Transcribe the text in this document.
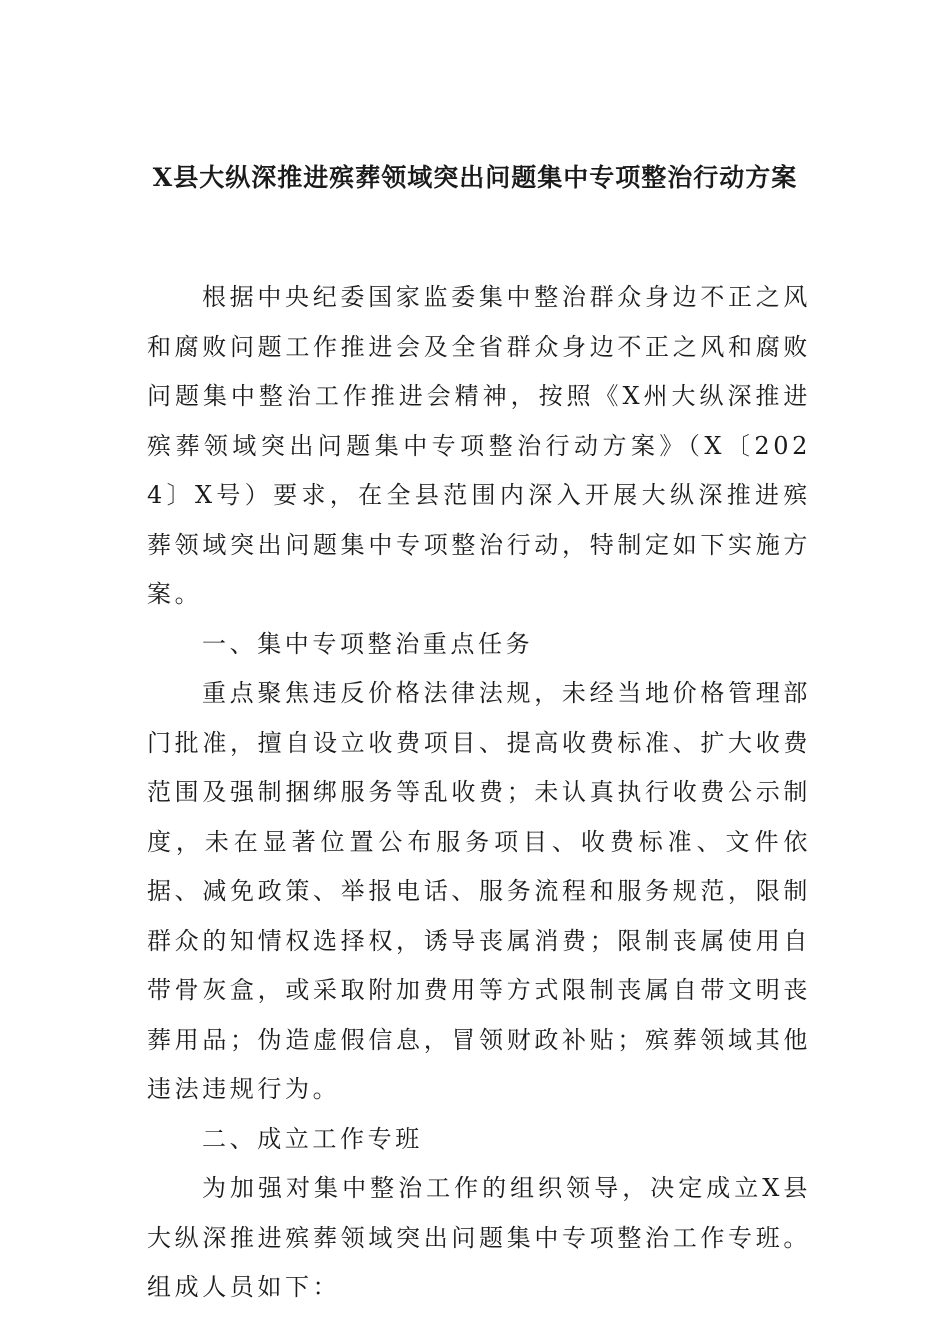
X县大纵深推进殡葬领域突出问题集中专项整治行动方案

根据中央纪委国家监委集中整治群众身边不正之风和腐败问题工作推进会及全省群众身边不正之风和腐败问题集中整治工作推进会精神，按照《X州大纵深推进殡葬领域突出问题集中专项整治行动方案》（X〔2024〕X号）要求，在全县范围内深入开展大纵深推进殡葬领域突出问题集中专项整治行动，特制定如下实施方案。

一、集中专项整治重点任务

重点聚焦违反价格法律法规，未经当地价格管理部门批准，擅自设立收费项目、提高收费标准、扩大收费范围及强制捆绑服务等乱收费；未认真执行收费公示制度，未在显著位置公布服务项目、收费标准、文件依据、减免政策、举报电话、服务流程和服务规范，限制群众的知情权选择权，诱导丧属消费；限制丧属使用自带骨灰盒，或采取附加费用等方式限制丧属自带文明丧葬用品；伪造虚假信息，冒领财政补贴；殡葬领域其他违法违规行为。

二、成立工作专班

为加强对集中整治工作的组织领导，决定成立X县大纵深推进殡葬领域突出问题集中专项整治工作专班。组成人员如下：
